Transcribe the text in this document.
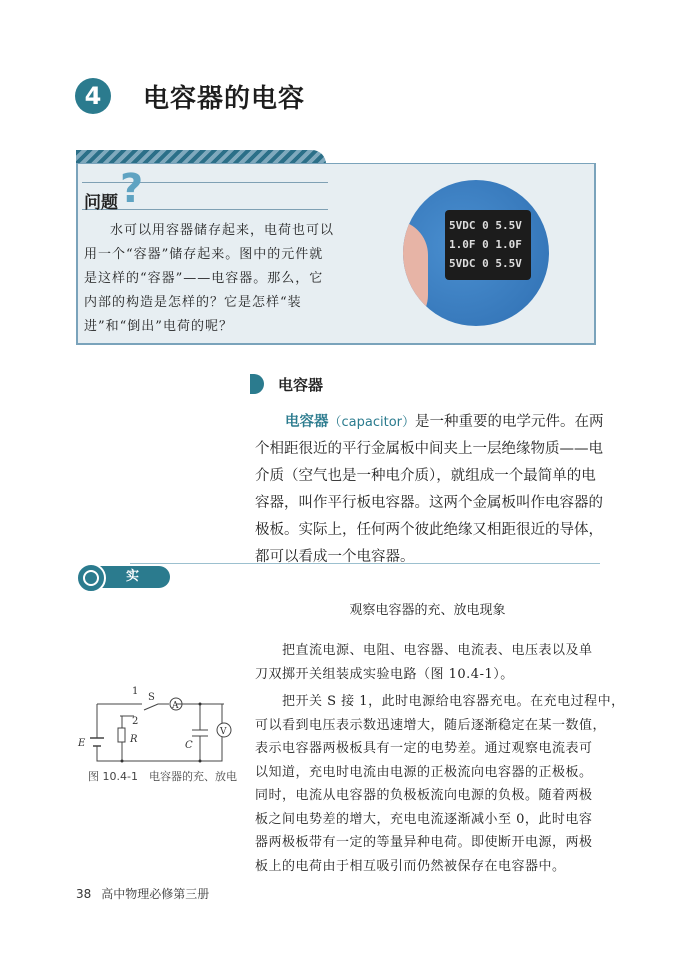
4	电容器的电容
问题 ?
水可以用容器储存起来，电荷也可以用一个“容器”储存起来。图中的元件就是这样的“容器”——电容器。那么，它内部的构造是怎样的？它是怎样“装进”和“倒出”电荷的呢？
5VDC 0 5.5V
1.0F 0 1.0F
5VDC 0 5.5V
电容器
电容器（capacitor）是一种重要的电学元件。在两个相距很近的平行金属板中间夹上一层绝缘物质——电介质（空气也是一种电介质），就组成一个最简单的电容器，叫作平行板电容器。这两个金属板叫作电容器的极板。实际上，任何两个彼此绝缘又相距很近的导体，都可以看成一个电容器。
实 验
观察电容器的充、放电现象

　　把直流电源、电阻、电容器、电流表、电压表以及单

刀双掷开关组装成实验电路（图 10.4-1）。

　　把开关 S 接 1，此时电源给电容器充电。在充电过程中，

可以看到电压表示数迅速增大，随后逐渐稳定在某一数值，

表示电容器两极板具有一定的电势差。通过观察电流表可

以知道，充电时电流由电源的正极流向电容器的正极板。

同时，电流从电容器的负极板流向电源的负极。随着两极

板之间电势差的增大，充电电流逐渐减小至 0，此时电容

器两极板带有一定的等量异种电荷。即使断开电源，两极

板上的电荷由于相互吸引而仍然被保存在电容器中。

E	R
C
S
A
V
1
2
图 10.4-1　电容器的充、放电
38 高中物理必修第三册
